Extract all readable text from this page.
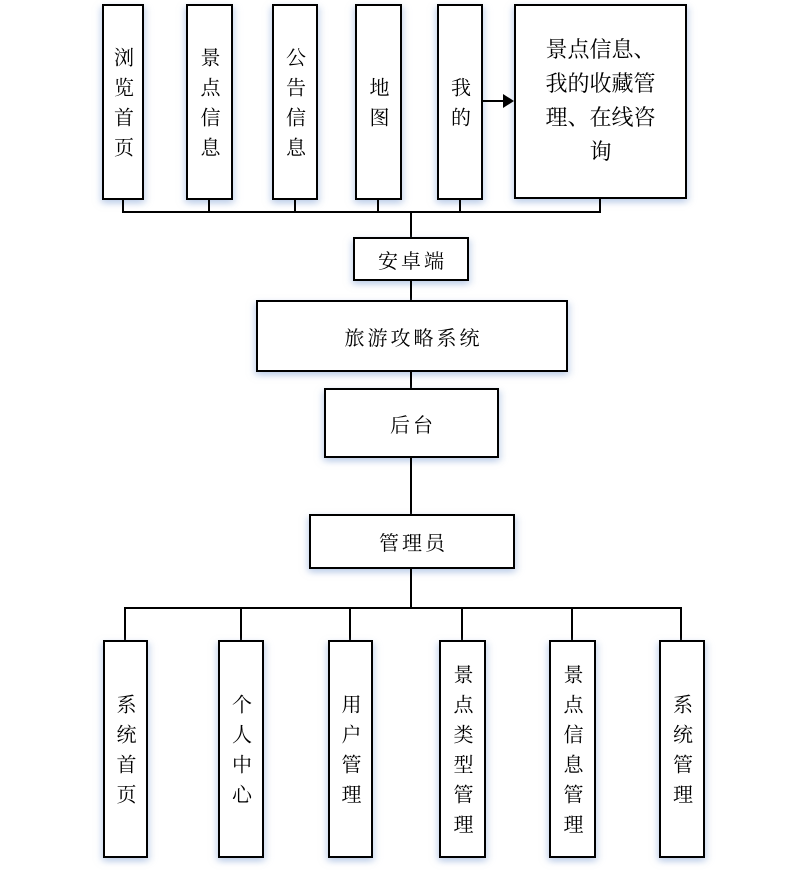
浏览首页	景点信息	公告信息	地图	我的
景点信息、我的收藏管理、在线咨询
安卓端
旅游攻略系统
后台
管理员
系统首页	个人中心	用户管理	景点类型管理	景点信息管理	系统管理
